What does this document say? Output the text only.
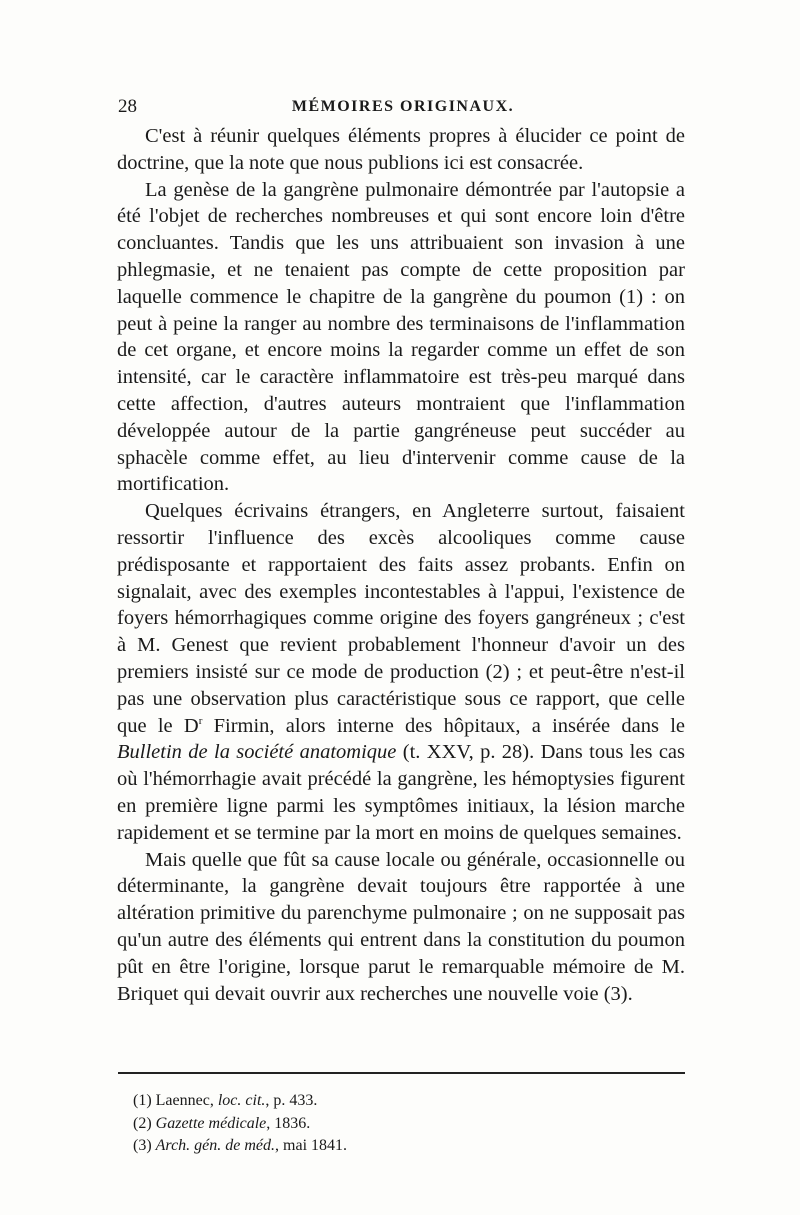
28	MÉMOIRES ORIGINAUX.

C'est à réunir quelques éléments propres à élucider ce point de doctrine, que la note que nous publions ici est consacrée.

La genèse de la gangrène pulmonaire démontrée par l'autopsie a été l'objet de recherches nombreuses et qui sont encore loin d'être concluantes. Tandis que les uns attribuaient son invasion à une phlegmasie, et ne tenaient pas compte de cette proposition par laquelle commence le chapitre de la gangrène du poumon (1) : on peut à peine la ranger au nombre des terminaisons de l'inflammation de cet organe, et encore moins la regarder comme un effet de son intensité, car le caractère inflammatoire est très-peu marqué dans cette affection, d'autres auteurs montraient que l'inflammation développée autour de la partie gangréneuse peut succéder au sphacèle comme effet, au lieu d'intervenir comme cause de la mortification.

Quelques écrivains étrangers, en Angleterre surtout, faisaient ressortir l'influence des excès alcooliques comme cause prédisposante et rapportaient des faits assez probants. Enfin on signalait, avec des exemples incontestables à l'appui, l'existence de foyers hémorrhagiques comme origine des foyers gangréneux ; c'est à M. Genest que revient probablement l'honneur d'avoir un des premiers insisté sur ce mode de production (2) ; et peut-être n'est-il pas une observation plus caractéristique sous ce rapport, que celle que le $D^r$ Firmin, alors interne des hôpitaux, a insérée dans le Bulletin de la société anatomique (t. XXV, p. 28). Dans tous les cas où l'hémorrhagie avait précédé la gangrène, les hémoptysies figurent en première ligne parmi les symptômes initiaux, la lésion marche rapidement et se termine par la mort en moins de quelques semaines.

Mais quelle que fût sa cause locale ou générale, occasionnelle ou déterminante, la gangrène devait toujours être rapportée à une altération primitive du parenchyme pulmonaire ; on ne supposait pas qu'un autre des éléments qui entrent dans la constitution du poumon pût en être l'origine, lorsque parut le remarquable mémoire de M. Briquet qui devait ouvrir aux recherches une nouvelle voie (3).

(1) Laennec, loc. cit., p. 433.
(2) Gazette médicale, 1836.
(3) Arch. gén. de méd., mai 1841.
